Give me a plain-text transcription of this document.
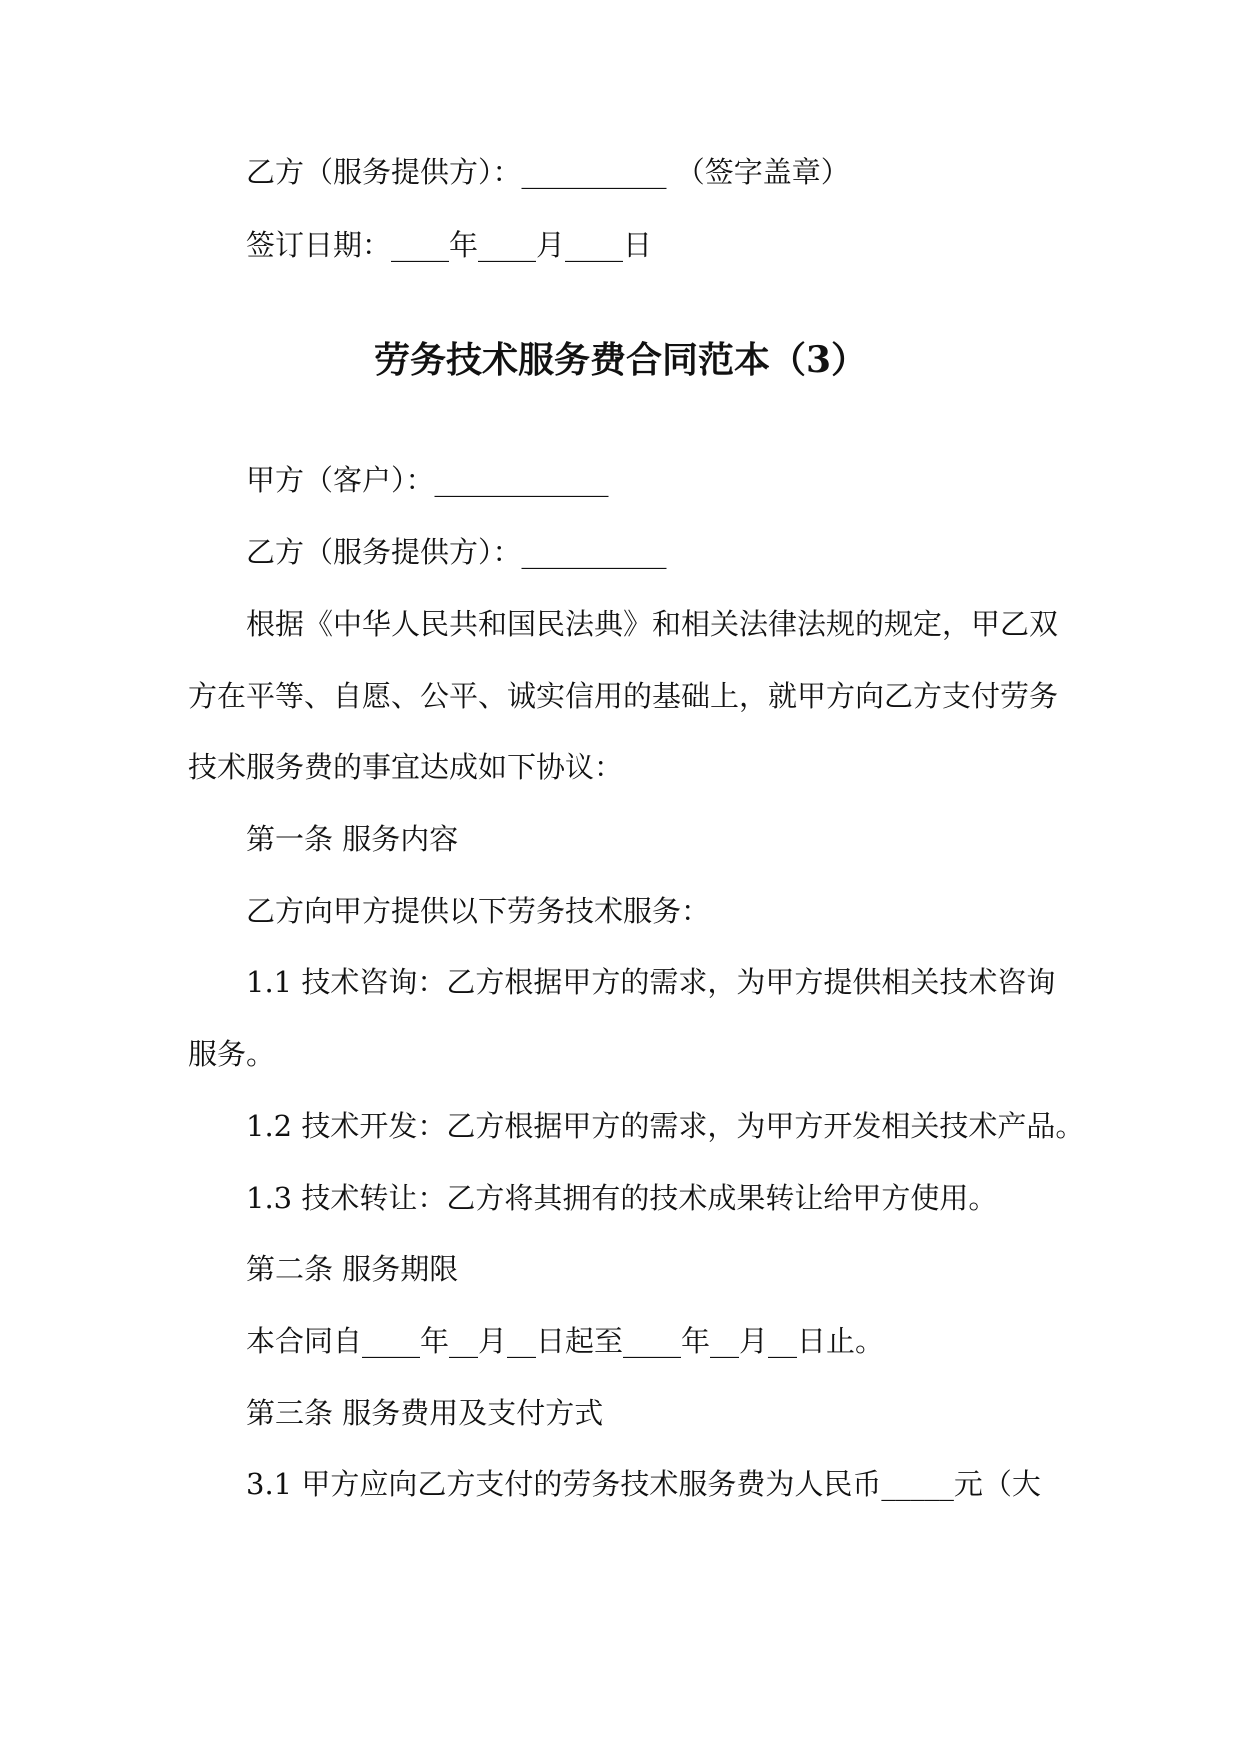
乙方（服务提供方）：__________ （签字盖章）
签订日期：____年____月____日
劳务技术服务费合同范本（3）
甲方（客户）：____________
乙方（服务提供方）：__________
根据《中华人民共和国民法典》和相关法律法规的规定，甲乙双
方在平等、自愿、公平、诚实信用的基础上，就甲方向乙方支付劳务
技术服务费的事宜达成如下协议：
第一条 服务内容
乙方向甲方提供以下劳务技术服务：
1.1 技术咨询：乙方根据甲方的需求，为甲方提供相关技术咨询
服务。
1.2 技术开发：乙方根据甲方的需求，为甲方开发相关技术产品。
1.3 技术转让：乙方将其拥有的技术成果转让给甲方使用。
第二条 服务期限
本合同自____年__月__日起至____年__月__日止。
第三条 服务费用及支付方式
3.1 甲方应向乙方支付的劳务技术服务费为人民币_____元（大
